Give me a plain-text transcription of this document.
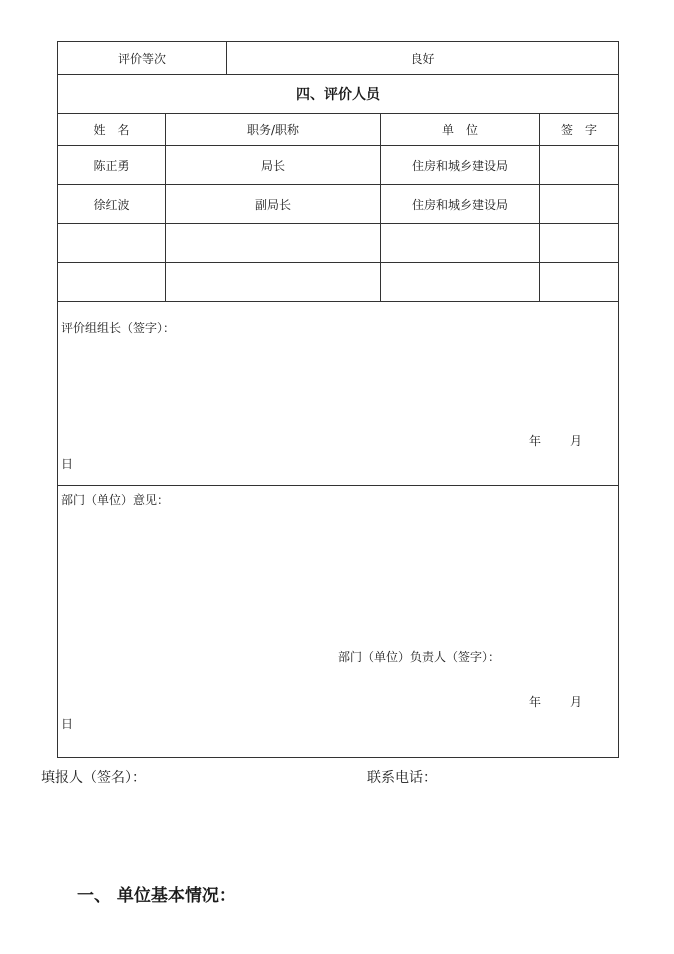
评价等次		良好		
四、评价人员				
姓　名	职务/职称		单　位	签　字
陈正勇	局长		住房和城乡建设局	
徐红波	副局长		住房和城乡建设局	

评价组组长（签字）：
年 月
日				

部门（单位）意见：
部门（单位）负责人（签字）：
年 月
日				
填报人（签名）：	联系电话：
一、 单位基本情况：
